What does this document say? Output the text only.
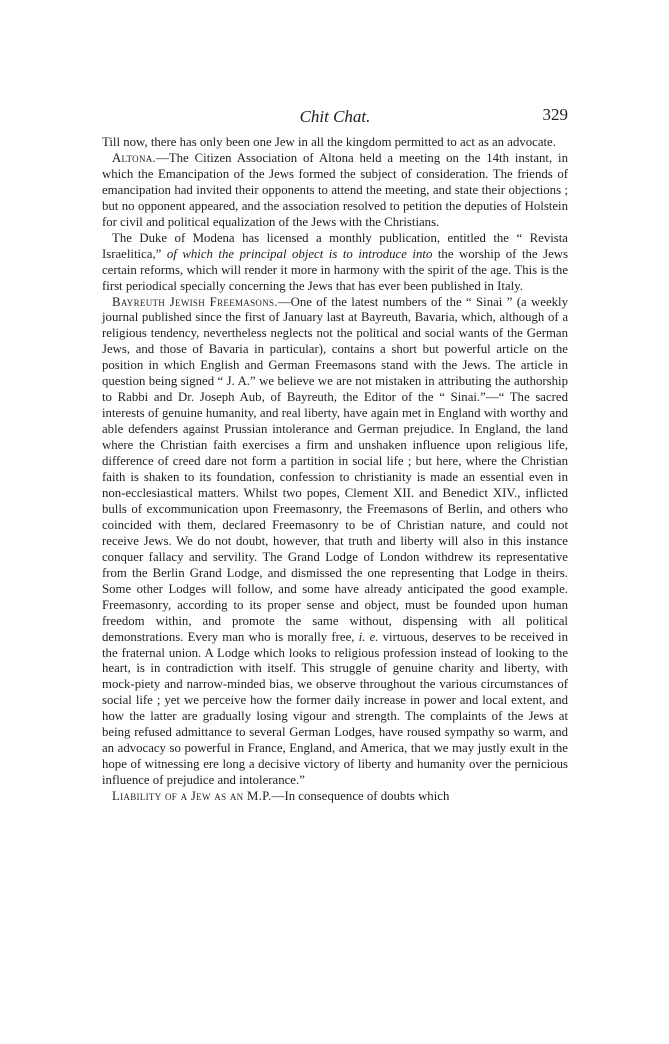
Chit Chat.	329

Till now, there has only been one Jew in all the kingdom permitted to act as an advocate.

Altona.—The Citizen Association of Altona held a meeting on the 14th instant, in which the Emancipation of the Jews formed the subject of consideration. The friends of emancipation had invited their opponents to attend the meeting, and state their objections ; but no opponent appeared, and the association resolved to petition the deputies of Holstein for civil and political equalization of the Jews with the Christians.

The Duke of Modena has licensed a monthly publication, entitled the “ Revista Israelitica,” of which the principal object is to introduce into the worship of the Jews certain reforms, which will render it more in harmony with the spirit of the age. This is the first periodical specially concerning the Jews that has ever been published in Italy.

Bayreuth Jewish Freemasons.—One of the latest numbers of the “ Sinai ” (a weekly journal published since the first of January last at Bayreuth, Bavaria, which, although of a religious tendency, nevertheless neglects not the political and social wants of the German Jews, and those of Bavaria in particular), contains a short but powerful article on the position in which English and German Freemasons stand with the Jews. The article in question being signed “ J. A.” we believe we are not mistaken in attributing the authorship to Rabbi and Dr. Joseph Aub, of Bayreuth, the Editor of the “ Sinai.”—“ The sacred interests of genuine humanity, and real liberty, have again met in England with worthy and able defenders against Prussian intolerance and German prejudice. In England, the land where the Christian faith exercises a firm and unshaken influence upon religious life, difference of creed dare not form a partition in social life ; but here, where the Christian faith is shaken to its foundation, confession to christianity is made an essential even in non-ecclesiastical matters. Whilst two popes, Clement XII. and Benedict XIV., inflicted bulls of excommunication upon Freemasonry, the Freemasons of Berlin, and others who coincided with them, declared Freemasonry to be of Christian nature, and could not receive Jews. We do not doubt, however, that truth and liberty will also in this instance conquer fallacy and servility. The Grand Lodge of London withdrew its representative from the Berlin Grand Lodge, and dismissed the one representing that Lodge in theirs. Some other Lodges will follow, and some have already anticipated the good example. Freemasonry, according to its proper sense and object, must be founded upon human freedom within, and promote the same without, dispensing with all political demonstrations. Every man who is morally free, i. e. virtuous, deserves to be received in the fraternal union. A Lodge which looks to religious profession instead of looking to the heart, is in contradiction with itself. This struggle of genuine charity and liberty, with mock-piety and narrow-minded bias, we observe throughout the various circumstances of social life ; yet we perceive how the former daily increase in power and local extent, and how the latter are gradually losing vigour and strength. The complaints of the Jews at being refused admittance to several German Lodges, have roused sympathy so warm, and an advocacy so powerful in France, England, and America, that we may justly exult in the hope of witnessing ere long a decisive victory of liberty and humanity over the pernicious influence of prejudice and intolerance.”

Liability of a Jew as an M.P.—In consequence of doubts which
